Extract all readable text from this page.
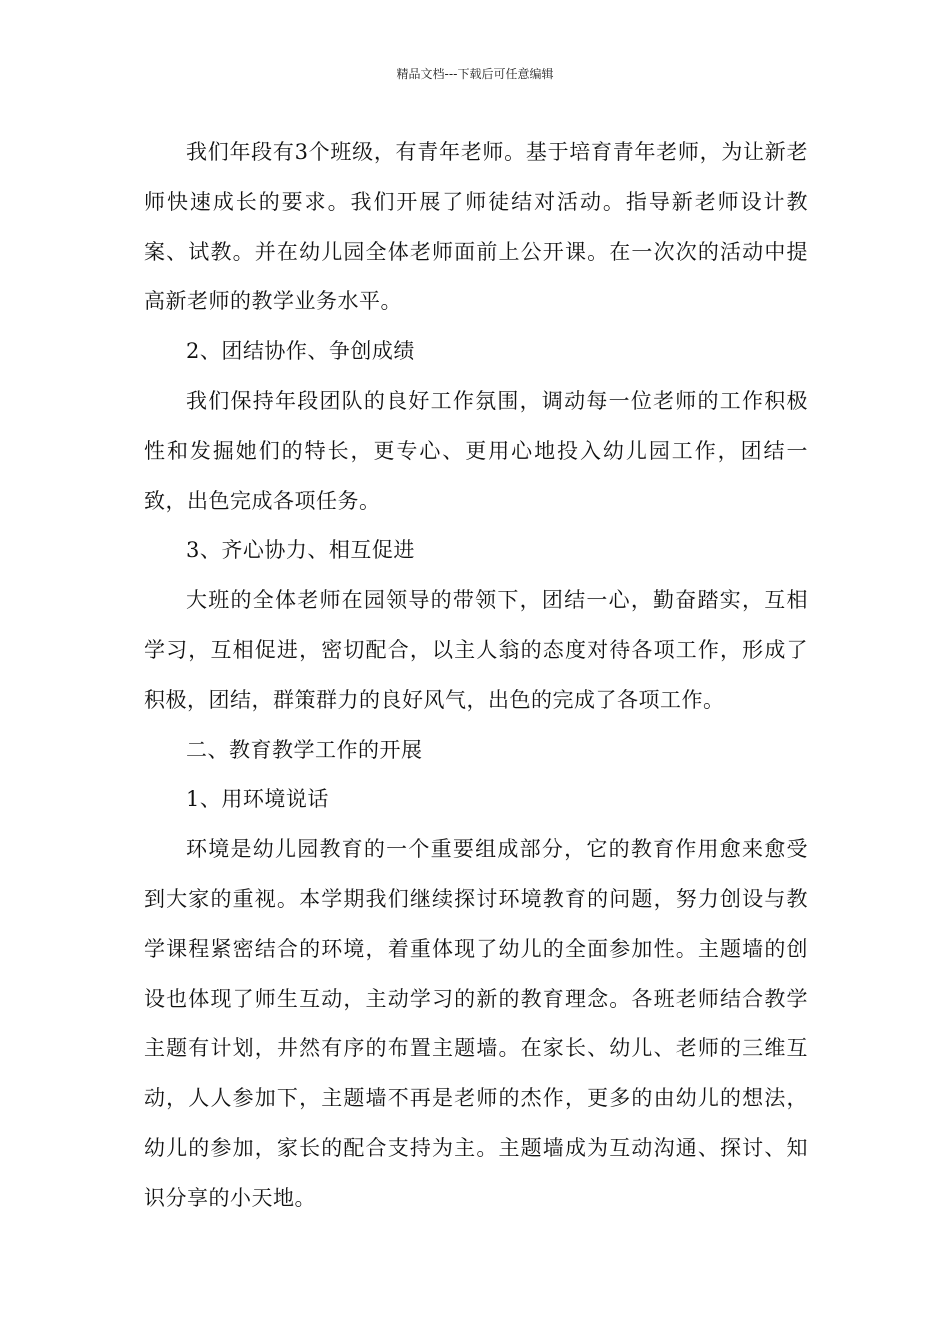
精品文档---下载后可任意编辑

我们年段有3个班级，有青年老师。基于培育青年老师，为让新老师快速成长的要求。我们开展了师徒结对活动。指导新老师设计教案、试教。并在幼儿园全体老师面前上公开课。在一次次的活动中提高新老师的教学业务水平。

2、团结协作、争创成绩

我们保持年段团队的良好工作氛围，调动每一位老师的工作积极性和发掘她们的特长，更专心、更用心地投入幼儿园工作，团结一致，出色完成各项任务。

3、齐心协力、相互促进

大班的全体老师在园领导的带领下，团结一心，勤奋踏实，互相学习，互相促进，密切配合，以主人翁的态度对待各项工作，形成了积极，团结，群策群力的良好风气，出色的完成了各项工作。

二、教育教学工作的开展

1、用环境说话

环境是幼儿园教育的一个重要组成部分，它的教育作用愈来愈受到大家的重视。本学期我们继续探讨环境教育的问题，努力创设与教学课程紧密结合的环境，着重体现了幼儿的全面参加性。主题墙的创设也体现了师生互动，主动学习的新的教育理念。各班老师结合教学主题有计划，井然有序的布置主题墙。在家长、幼儿、老师的三维互动，人人参加下，主题墙不再是老师的杰作，更多的由幼儿的想法，幼儿的参加，家长的配合支持为主。主题墙成为互动沟通、探讨、知识分享的小天地。
